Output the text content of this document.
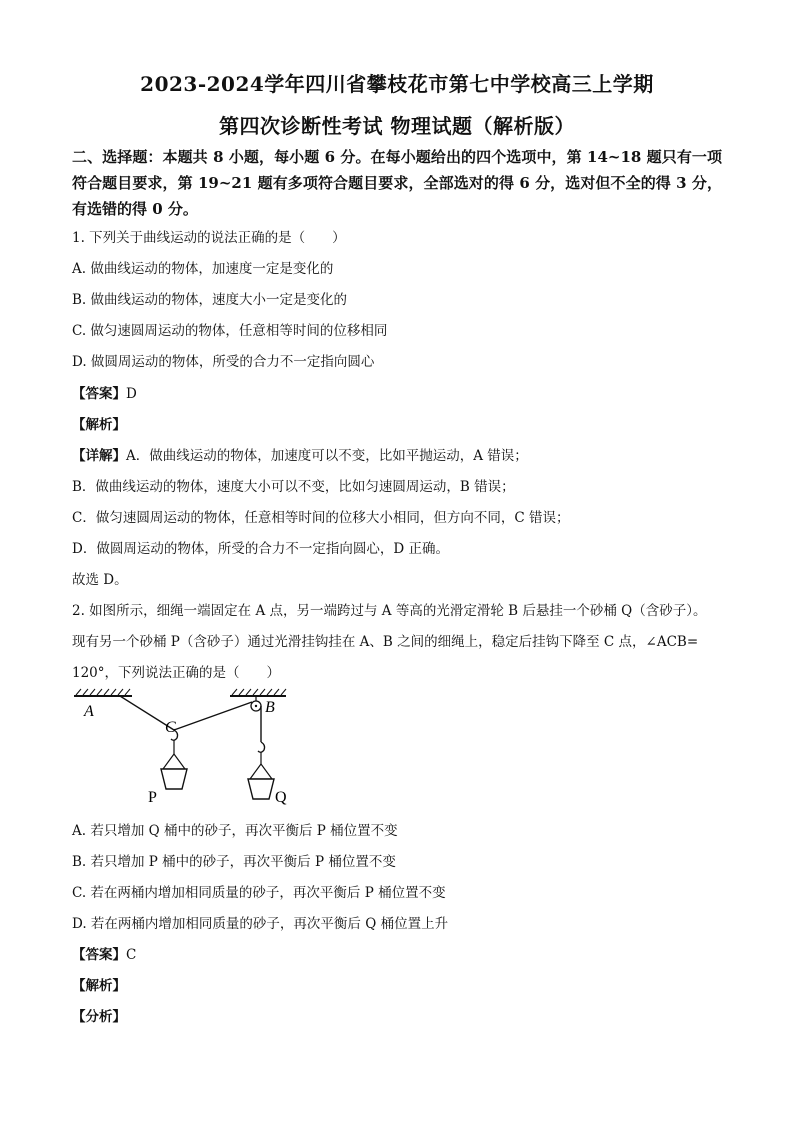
2023-2024学年四川省攀枝花市第七中学校高三上学期
第四次诊断性考试 物理试题（解析版）
二、选择题：本题共 8 小题，每小题 6 分。在每小题给出的四个选项中，第 14~18 题只有一项符合题目要求，第 19~21 题有多项符合题目要求，全部选对的得 6 分，选对但不全的得 3 分，有选错的得 0 分。
1. 下列关于曲线运动的说法正确的是（　　）
A. 做曲线运动的物体，加速度一定是变化的
B. 做曲线运动的物体，速度大小一定是变化的
C. 做匀速圆周运动的物体，任意相等时间的位移相同
D. 做圆周运动的物体，所受的合力不一定指向圆心
【答案】D
【解析】
【详解】A．做曲线运动的物体，加速度可以不变，比如平抛运动，A 错误；
B．做曲线运动的物体，速度大小可以不变，比如匀速圆周运动，B 错误；
C．做匀速圆周运动的物体，任意相等时间的位移大小相同，但方向不同，C 错误；
D．做圆周运动的物体，所受的合力不一定指向圆心，D 正确。
故选 D。
2. 如图所示，细绳一端固定在 A 点，另一端跨过与 A 等高的光滑定滑轮 B 后悬挂一个砂桶 Q（含砂子）。
现有另一个砂桶 P（含砂子）通过光滑挂钩挂在 A、B 之间的细绳上，稳定后挂钩下降至 C 点，∠ACB=
120°，下列说法正确的是（　　）
A
C
B
P	Q
A. 若只增加 Q 桶中的砂子，再次平衡后 P 桶位置不变
B. 若只增加 P 桶中的砂子，再次平衡后 P 桶位置不变
C. 若在两桶内增加相同质量的砂子，再次平衡后 P 桶位置不变
D. 若在两桶内增加相同质量的砂子，再次平衡后 Q 桶位置上升
【答案】C
【解析】
【分析】
